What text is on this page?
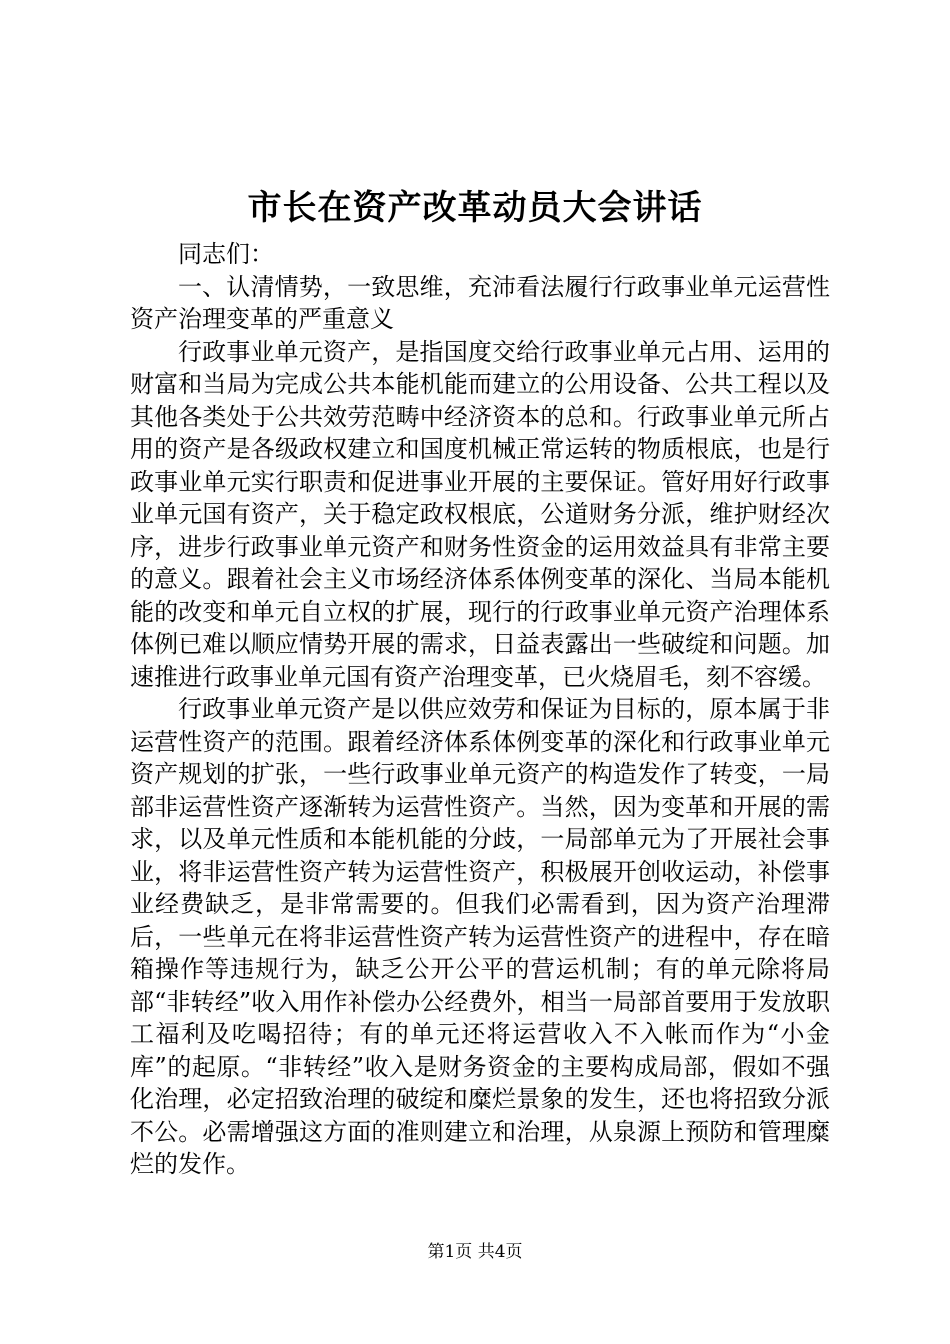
市长在资产改革动员大会讲话

同志们：

一、认清情势，一致思维，充沛看法履行行政事业单元运营性资产治理变革的严重意义

行政事业单元资产，是指国度交给行政事业单元占用、运用的财富和当局为完成公共本能机能而建立的公用设备、公共工程以及其他各类处于公共效劳范畴中经济资本的总和。行政事业单元所占用的资产是各级政权建立和国度机械正常运转的物质根底，也是行政事业单元实行职责和促进事业开展的主要保证。管好用好行政事业单元国有资产，关于稳定政权根底，公道财务分派，维护财经次序，进步行政事业单元资产和财务性资金的运用效益具有非常主要的意义。跟着社会主义市场经济体系体例变革的深化、当局本能机能的改变和单元自立权的扩展，现行的行政事业单元资产治理体系体例已难以顺应情势开展的需求，日益表露出一些破绽和问题。加速推进行政事业单元国有资产治理变革，已火烧眉毛，刻不容缓。

行政事业单元资产是以供应效劳和保证为目标的，原本属于非运营性资产的范围。跟着经济体系体例变革的深化和行政事业单元资产规划的扩张，一些行政事业单元资产的构造发作了转变，一局部非运营性资产逐渐转为运营性资产。当然，因为变革和开展的需求，以及单元性质和本能机能的分歧，一局部单元为了开展社会事业，将非运营性资产转为运营性资产，积极展开创收运动，补偿事业经费缺乏，是非常需要的。但我们必需看到，因为资产治理滞后，一些单元在将非运营性资产转为运营性资产的进程中，存在暗箱操作等违规行为，缺乏公开公平的营运机制；有的单元除将局部“非转经”收入用作补偿办公经费外，相当一局部首要用于发放职工福利及吃喝招待；有的单元还将运营收入不入帐而作为“小金库”的起原。“非转经”收入是财务资金的主要构成局部，假如不强化治理，必定招致治理的破绽和糜烂景象的发生，还也将招致分派不公。必需增强这方面的准则建立和治理，从泉源上预防和管理糜烂的发作。

第1页 共4页
